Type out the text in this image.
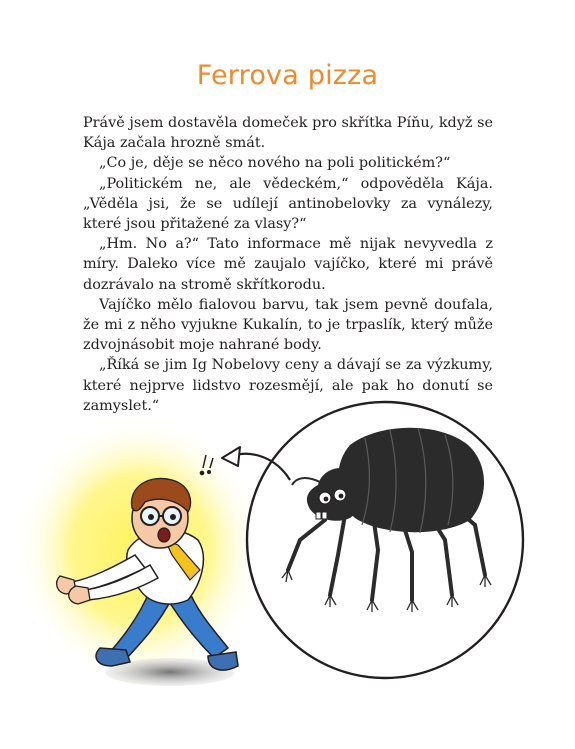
Ferrova pizza

Právě jsem dostavěla domeček pro skřítka Píňu, když se Kája začala hrozně smát.

„Co je, děje se něco nového na poli politickém?“

„Politickém ne, ale vědeckém,“ odpověděla Kája. „Věděla jsi, že se udílejí antinobelovky za vynálezy, které jsou přitažené za vlasy?“

„Hm. No a?“ Tato informace mě nijak nevyvedla z míry. Daleko více mě zaujalo vajíčko, které mi právě dozrávalo na stromě skřítkorodu.

Vajíčko mělo fialovou barvu, tak jsem pevně doufala, že mi z něho vyjukne Kukalín, to je trpaslík, který může zdvojnásobit moje nahrané body.

„Říká se jim Ig Nobelovy ceny a dávají se za výzkumy, které nejprve lidstvo rozesmějí, ale pak ho donutí se zamyslet.“
